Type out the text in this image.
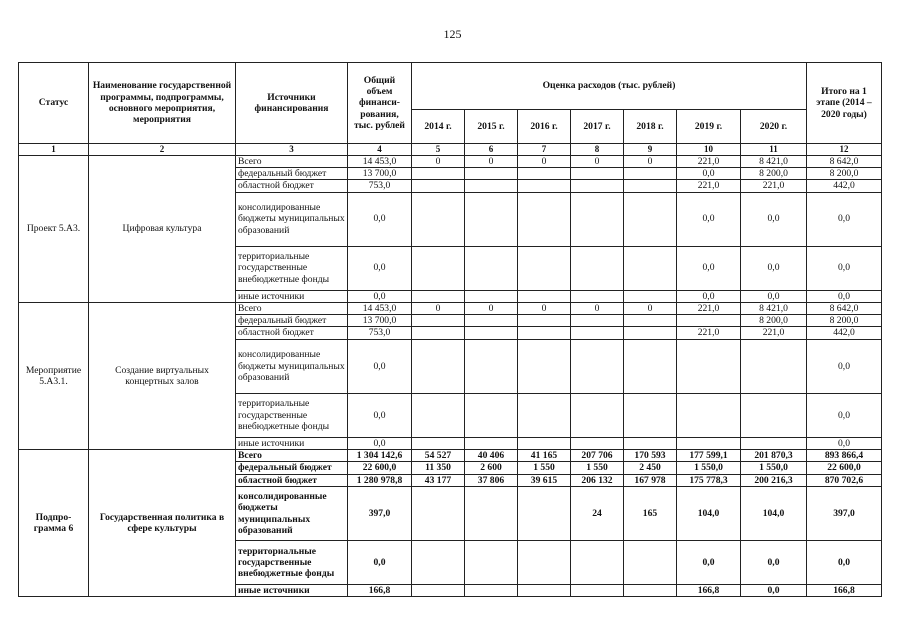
125
Статус	Наименование государственной программы, подпрограммы, основного мероприятия, мероприятия	Источники финансирования	Общий объем финанси-рования, тыс. рублей	Оценка расходов (тыс. рублей)							Итого на 1 этапе (2014 – 2020 годы)
				2014 г.	2015 г.	2016 г.	2017 г.	2018 г.	2019 г.	2020 г.	
1	2	3	4	5	6	7	8	9	10	11	12
Проект 5.А3.	Цифровая культура	Всего	14 453,0	0	0	0	0	0	221,0	8 421,0	8 642,0
		федеральный бюджет	13 700,0						0,0	8 200,0	8 200,0
		областной бюджет	753,0						221,0	221,0	442,0
		консолидированные бюджеты муниципальных образований	0,0						0,0	0,0	0,0
		территориальные государственные внебюджетные фонды	0,0						0,0	0,0	0,0
		иные источники	0,0						0,0	0,0	0,0
Мероприятие 5.А3.1.	Создание виртуальных концертных залов	Всего	14 453,0	0	0	0	0	0	221,0	8 421,0	8 642,0
		федеральный бюджет	13 700,0							8 200,0	8 200,0
		областной бюджет	753,0						221,0	221,0	442,0
		консолидированные бюджеты муниципальных образований	0,0								0,0
		территориальные государственные внебюджетные фонды	0,0								0,0
		иные источники	0,0								0,0
Подпро-грамма 6	Государственная политика в сфере культуры	Всего	1 304 142,6	54 527	40 406	41 165	207 706	170 593	177 599,1	201 870,3	893 866,4
		федеральный бюджет	22 600,0	11 350	2 600	1 550	1 550	2 450	1 550,0	1 550,0	22 600,0
		областной бюджет	1 280 978,8	43 177	37 806	39 615	206 132	167 978	175 778,3	200 216,3	870 702,6
		консолидированные бюджеты муниципальных образований	397,0				24	165	104,0	104,0	397,0
		территориальные государственные внебюджетные фонды	0,0						0,0	0,0	0,0
		иные источники	166,8						166,8	0,0	166,8
